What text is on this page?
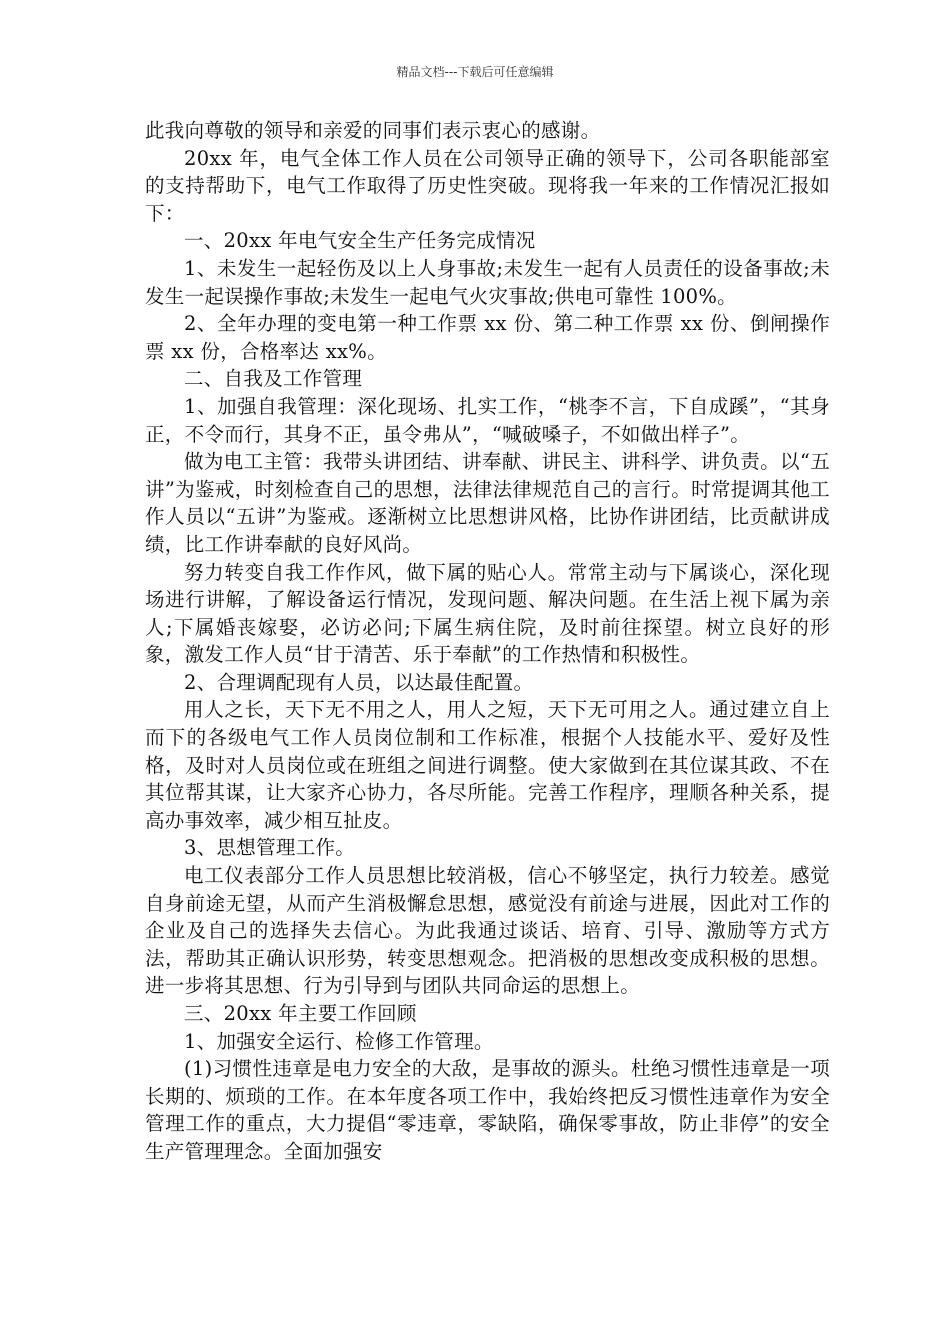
精品文档---下载后可任意编辑

此我向尊敬的领导和亲爱的同事们表示衷心的感谢。

20xx 年，电气全体工作人员在公司领导正确的领导下，公司各职能部室的支持帮助下，电气工作取得了历史性突破。现将我一年来的工作情况汇报如下：

一、20xx 年电气安全生产任务完成情况

1、未发生一起轻伤及以上人身事故;未发生一起有人员责任的设备事故;未发生一起误操作事故;未发生一起电气火灾事故;供电可靠性 100%。

2、全年办理的变电第一种工作票 xx 份、第二种工作票 xx 份、倒闸操作票 xx 份，合格率达 xx%。

二、自我及工作管理

1、加强自我管理：深化现场、扎实工作，“桃李不言，下自成蹊”，“其身正，不令而行，其身不正，虽令弗从”，“喊破嗓子，不如做出样子”。

做为电工主管：我带头讲团结、讲奉献、讲民主、讲科学、讲负责。以“五讲”为鉴戒，时刻检查自己的思想，法律法律规范自己的言行。时常提调其他工作人员以“五讲”为鉴戒。逐渐树立比思想讲风格，比协作讲团结，比贡献讲成绩，比工作讲奉献的良好风尚。

努力转变自我工作作风，做下属的贴心人。常常主动与下属谈心，深化现场进行讲解，了解设备运行情况，发现问题、解决问题。在生活上视下属为亲人;下属婚丧嫁娶，必访必问;下属生病住院，及时前往探望。树立良好的形象，激发工作人员“甘于清苦、乐于奉献”的工作热情和积极性。

2、合理调配现有人员，以达最佳配置。

用人之长，天下无不用之人，用人之短，天下无可用之人。通过建立自上而下的各级电气工作人员岗位制和工作标准，根据个人技能水平、爱好及性格，及时对人员岗位或在班组之间进行调整。使大家做到在其位谋其政、不在其位帮其谋，让大家齐心协力，各尽所能。完善工作程序，理顺各种关系，提高办事效率，减少相互扯皮。

3、思想管理工作。

电工仪表部分工作人员思想比较消极，信心不够坚定，执行力较差。感觉自身前途无望，从而产生消极懈怠思想，感觉没有前途与进展，因此对工作的企业及自己的选择失去信心。为此我通过谈话、培育、引导、激励等方式方法，帮助其正确认识形势，转变思想观念。把消极的思想改变成积极的思想。进一步将其思想、行为引导到与团队共同命运的思想上。

三、20xx 年主要工作回顾

1、加强安全运行、检修工作管理。

(1)习惯性违章是电力安全的大敌，是事故的源头。杜绝习惯性违章是一项长期的、烦琐的工作。在本年度各项工作中，我始终把反习惯性违章作为安全管理工作的重点，大力提倡“零违章，零缺陷，确保零事故，防止非停”的安全生产管理理念。全面加强安
